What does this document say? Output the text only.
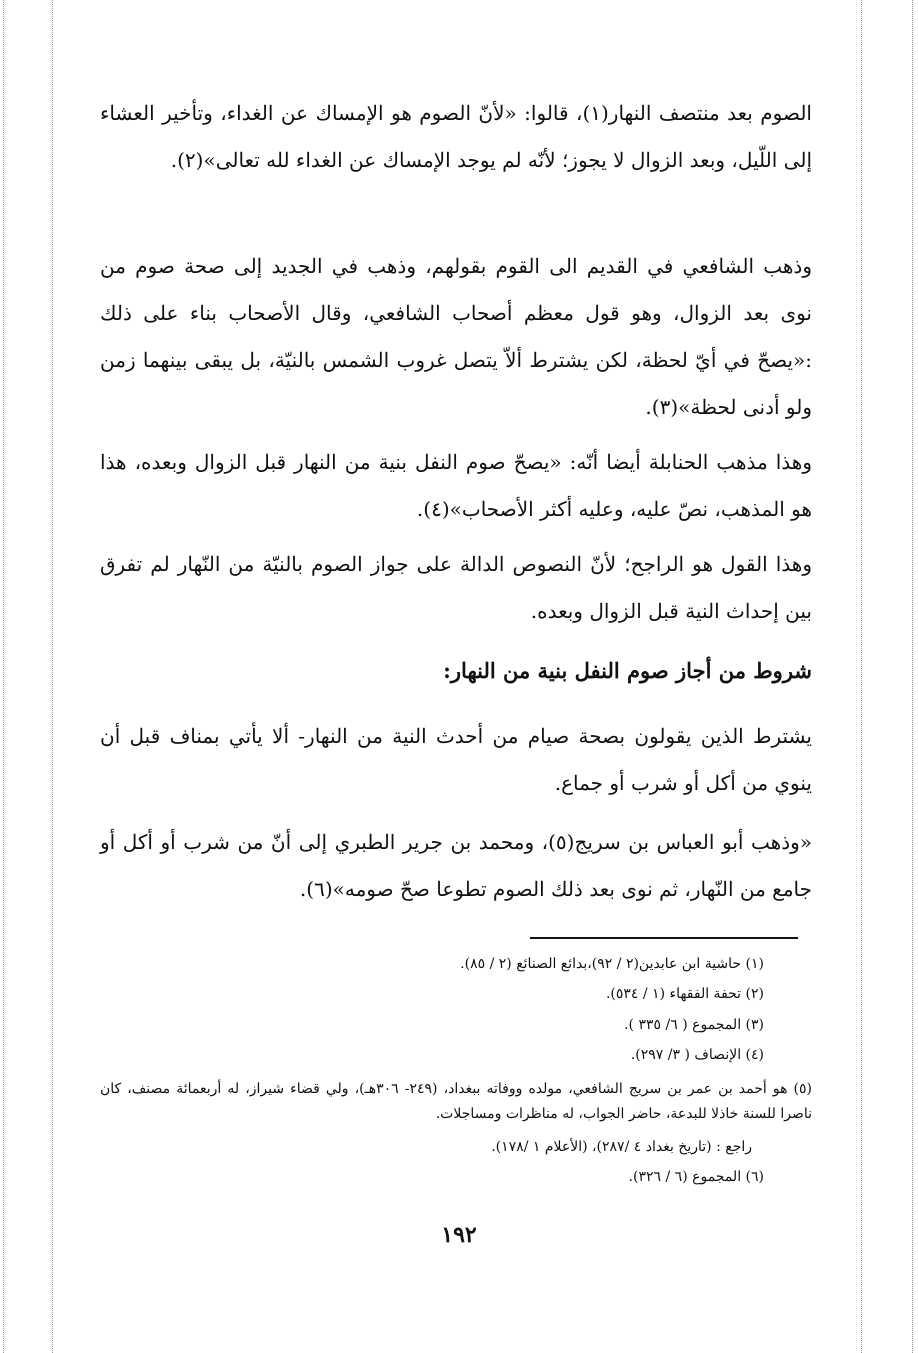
الصوم بعد منتصف النهار(١)، قالوا: «لأنّ الصوم هو الإمساك عن الغداء، وتأخير العشاء إلى اللّيل، وبعد الزوال لا يجوز؛ لأنّه لم يوجد الإمساك عن الغداء لله تعالى»(٢).

وذهب الشافعي في القديم الى القوم بقولهم، وذهب في الجديد إلى صحة صوم من نوى بعد الزوال، وهو قول معظم أصحاب الشافعي، وقال الأصحاب بناء على ذلك :«يصحّ في أيّ لحظة، لكن يشترط ألاّ يتصل غروب الشمس بالنيّة، بل يبقى بينهما زمن ولو أدنى لحظة»(٣).

وهذا مذهب الحنابلة أيضا أنّه: «يصحّ صوم النفل بنية من النهار قبل الزوال وبعده، هذا هو المذهب، نصّ عليه، وعليه أكثر الأصحاب»(٤).

وهذا القول هو الراجح؛ لأنّ النصوص الدالة على جواز الصوم بالنيّة من النّهار لم تفرق بين إحداث النية قبل الزوال وبعده.

شروط من أجاز صوم النفل بنية من النهار:

يشترط الذين يقولون بصحة صيام من أحدث النية من النهار- ألا يأتي بمناف قبل أن ينوي من أكل أو شرب أو جماع.

«وذهب أبو العباس بن سريج(٥)، ومحمد بن جرير الطبري إلى أنّ من شرب أو أكل أو جامع من النّهار، ثم نوى بعد ذلك الصوم تطوعا صحّ صومه»(٦).

(١) حاشية ابن عابدين(٢ / ٩٢)،بدائع الصنائع (٢ / ٨٥).

(٢) تحفة الفقهاء (١ / ٥٣٤).

(٣) المجموع ( ٦/ ٣٣٥ ).

(٤) الإنصاف ( ٣/ ٢٩٧).

(٥) هو أحمد بن عمر بن سريج الشافعي، مولده ووفاته ببغداد، (٢٤٩- ٣٠٦هـ)، ولي قضاء شيراز، له أربعمائة مصنف، كان ناصرا للسنة خاذلا للبدعة، حاضر الجواب، له مناظرات ومساجلات.

راجع : (تاريخ بغداد ٤ /٢٨٧)، (الأعلام ١ /١٧٨).

(٦) المجموع (٦ / ٣٢٦).

١٩٢
